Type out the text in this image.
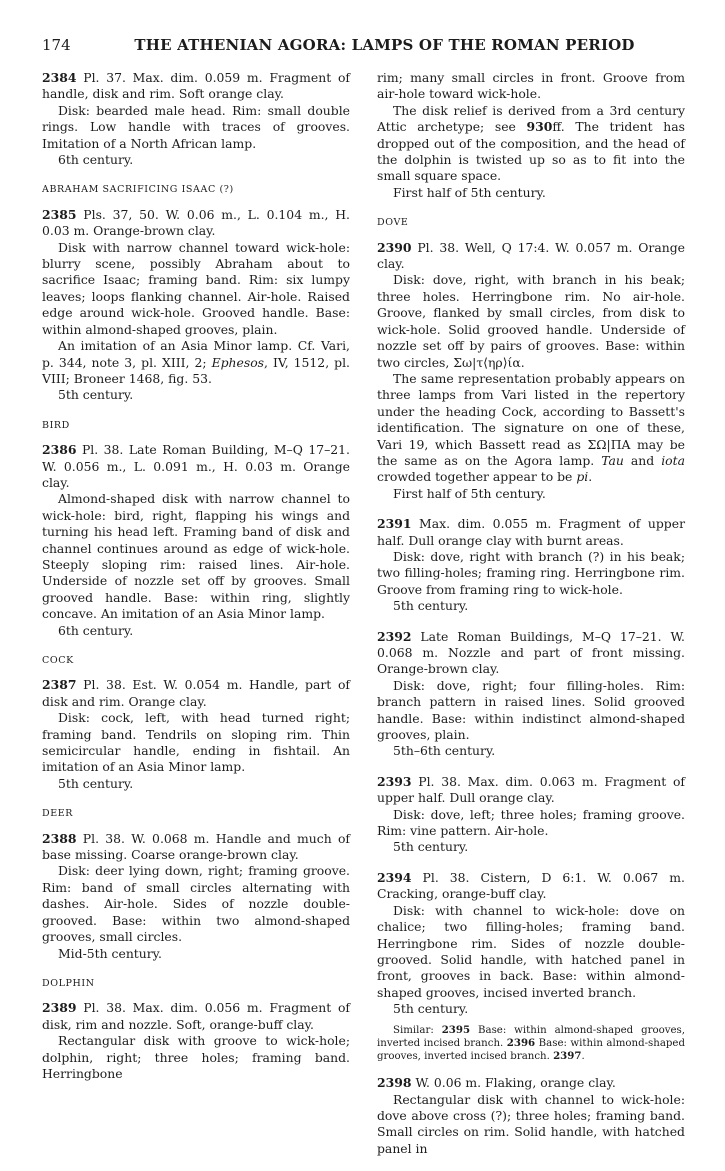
174	THE ATHENIAN AGORA: LAMPS OF THE ROMAN PERIOD

2384 Pl. 37. Max. dim. 0.059 m. Fragment of handle, disk and rim. Soft orange clay.

Disk: bearded male head. Rim: small double rings. Low handle with traces of grooves. Imitation of a North African lamp.

6th century.

ABRAHAM SACRIFICING ISAAC (?)

2385 Pls. 37, 50. W. 0.06 m., L. 0.104 m., H. 0.03 m. Orange-brown clay.

Disk with narrow channel toward wick-hole: blurry scene, possibly Abraham about to sacrifice Isaac; framing band. Rim: six lumpy leaves; loops flanking channel. Air-hole. Raised edge around wick-hole. Grooved handle. Base: within almond-shaped grooves, plain.

An imitation of an Asia Minor lamp. Cf. Vari, p. 344, note 3, pl. XIII, 2; Ephesos, IV, 1512, pl. VIII; Broneer 1468, fig. 53.

5th century.

BIRD

2386 Pl. 38. Late Roman Building, M–Q 17–21. W. 0.056 m., L. 0.091 m., H. 0.03 m. Orange clay.

Almond-shaped disk with narrow channel to wick-hole: bird, right, flapping his wings and turning his head left. Framing band of disk and channel continues around as edge of wick-hole. Steeply sloping rim: raised lines. Air-hole. Underside of nozzle set off by grooves. Small grooved handle. Base: within ring, slightly concave. An imitation of an Asia Minor lamp.

6th century.

COCK

2387 Pl. 38. Est. W. 0.054 m. Handle, part of disk and rim. Orange clay.

Disk: cock, left, with head turned right; framing band. Tendrils on sloping rim. Thin semicircular handle, ending in fishtail. An imitation of an Asia Minor lamp.

5th century.

DEER

2388 Pl. 38. W. 0.068 m. Handle and much of base missing. Coarse orange-brown clay.

Disk: deer lying down, right; framing groove. Rim: band of small circles alternating with dashes. Air-hole. Sides of nozzle double-grooved. Base: within two almond-shaped grooves, small circles.

Mid-5th century.

DOLPHIN

2389 Pl. 38. Max. dim. 0.056 m. Fragment of disk, rim and nozzle. Soft, orange-buff clay.

Rectangular disk with groove to wick-hole; dolphin, right; three holes; framing band. Herringbone

rim; many small circles in front. Groove from air-hole toward wick-hole.

The disk relief is derived from a 3rd century Attic archetype; see 930ff. The trident has dropped out of the composition, and the head of the dolphin is twisted up so as to fit into the small square space.

First half of 5th century.

DOVE

2390 Pl. 38. Well, Q 17:4. W. 0.057 m. Orange clay.

Disk: dove, right, with branch in his beak; three holes. Herringbone rim. No air-hole. Groove, flanked by small circles, from disk to wick-hole. Solid grooved handle. Underside of nozzle set off by pairs of grooves. Base: within two circles, Σω|τ⟨ηρ⟩ία.

The same representation probably appears on three lamps from Vari listed in the repertory under the heading Cock, according to Bassett's identification. The signature on one of these, Vari 19, which Bassett read as ΣΩ|ΠΑ may be the same as on the Agora lamp. Tau and iota crowded together appear to be pi.

First half of 5th century.

2391 Max. dim. 0.055 m. Fragment of upper half. Dull orange clay with burnt areas.

Disk: dove, right with branch (?) in his beak; two filling-holes; framing ring. Herringbone rim. Groove from framing ring to wick-hole.

5th century.

2392 Late Roman Buildings, M–Q 17–21. W. 0.068 m. Nozzle and part of front missing. Orange-brown clay.

Disk: dove, right; four filling-holes. Rim: branch pattern in raised lines. Solid grooved handle. Base: within indistinct almond-shaped grooves, plain.

5th–6th century.

2393 Pl. 38. Max. dim. 0.063 m. Fragment of upper half. Dull orange clay.

Disk: dove, left; three holes; framing groove. Rim: vine pattern. Air-hole.

5th century.

2394 Pl. 38. Cistern, D 6:1. W. 0.067 m. Cracking, orange-buff clay.

Disk: with channel to wick-hole: dove on chalice; two filling-holes; framing band. Herringbone rim. Sides of nozzle double-grooved. Solid handle, with hatched panel in front, grooves in back. Base: within almond-shaped grooves, incised inverted branch.

5th century.

Similar: 2395 Base: within almond-shaped grooves, inverted incised branch. 2396 Base: within almond-shaped grooves, inverted incised branch. 2397.

2398 W. 0.06 m. Flaking, orange clay.

Rectangular disk with channel to wick-hole: dove above cross (?); three holes; framing band. Small circles on rim. Solid handle, with hatched panel in
